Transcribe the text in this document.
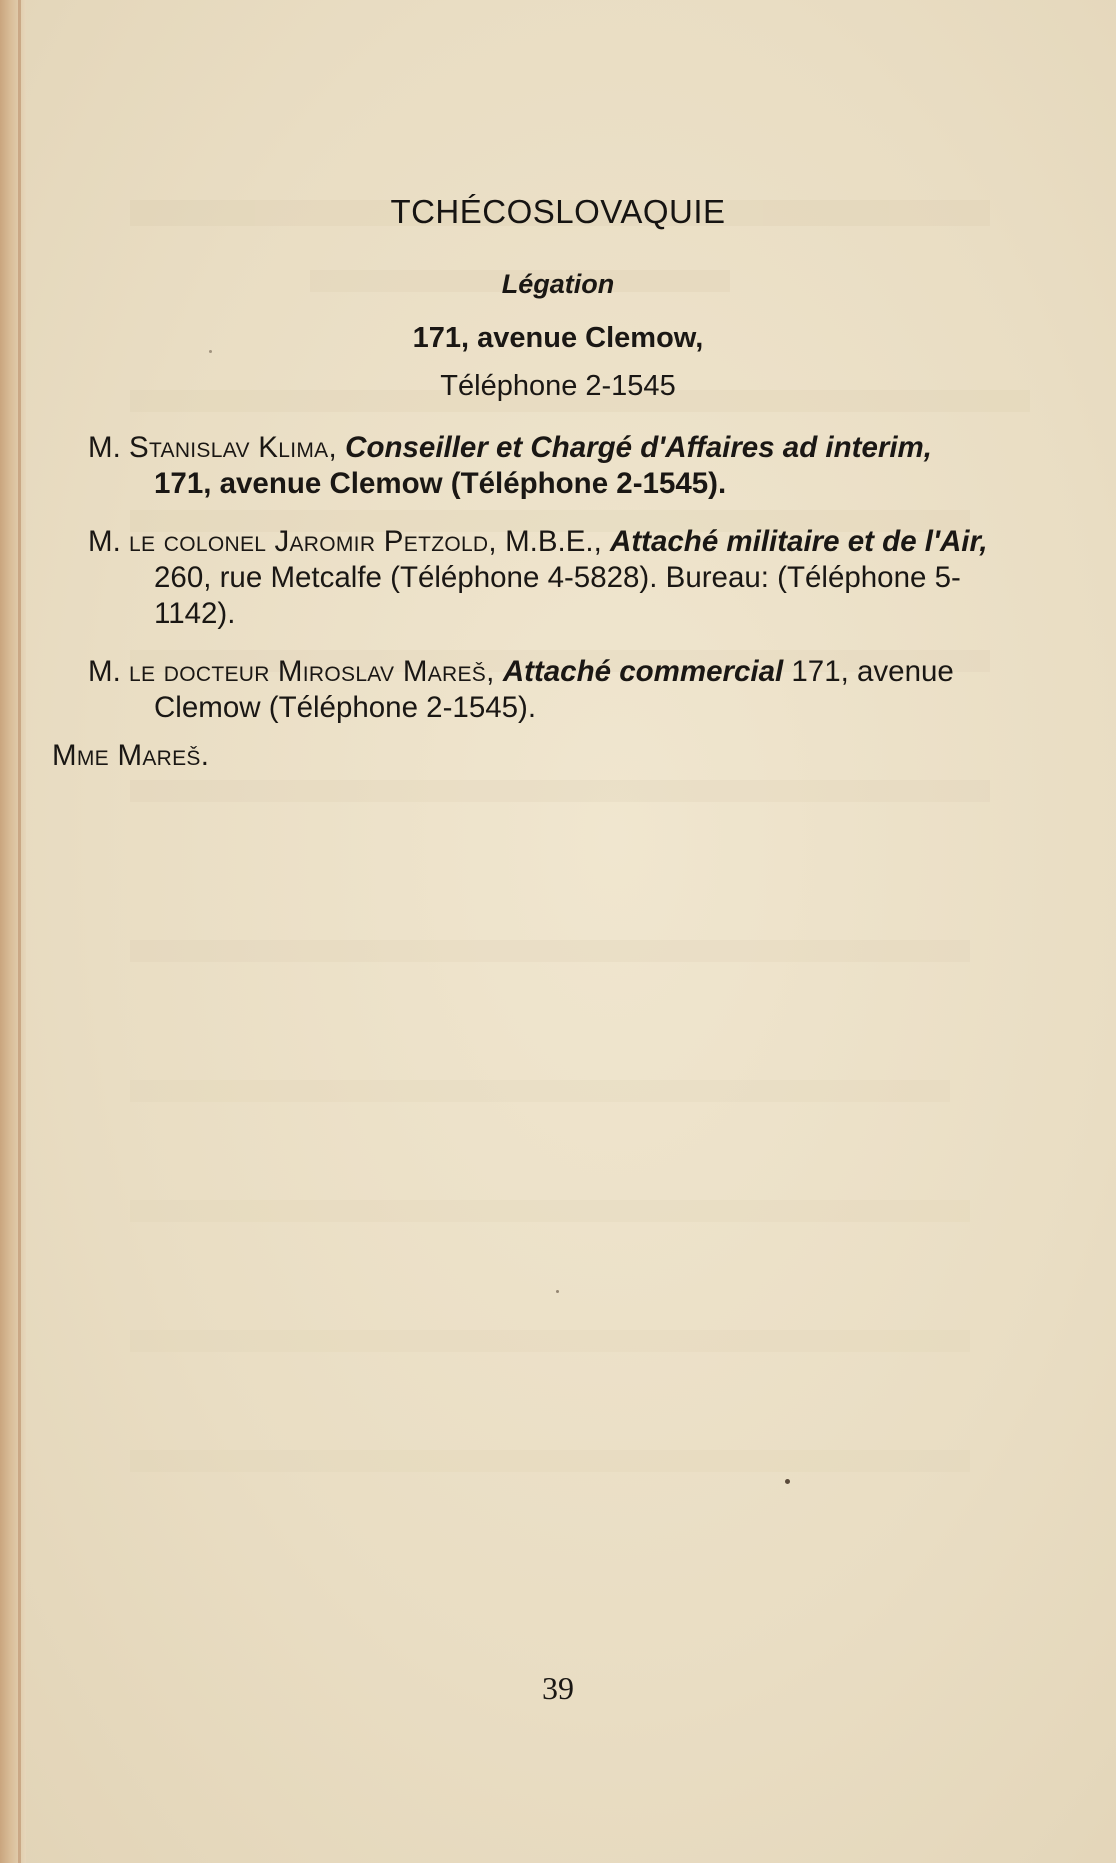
TCHÉCOSLOVAQUIE
Légation
171, avenue Clemow,
Téléphone 2-1545

M. Stanislav Klima, Conseiller et Chargé d'Affaires ad interim, 171, avenue Clemow (Téléphone 2-1545).

M. le colonel Jaromir Petzold, M.B.E., Attaché militaire et de l'Air, 260, rue Metcalfe (Téléphone 4-5828). Bureau: (Téléphone 5-1142).

M. le docteur Miroslav Mareš, Attaché commercial 171, avenue Clemow (Téléphone 2-1545).

Mme Mareš.

39
